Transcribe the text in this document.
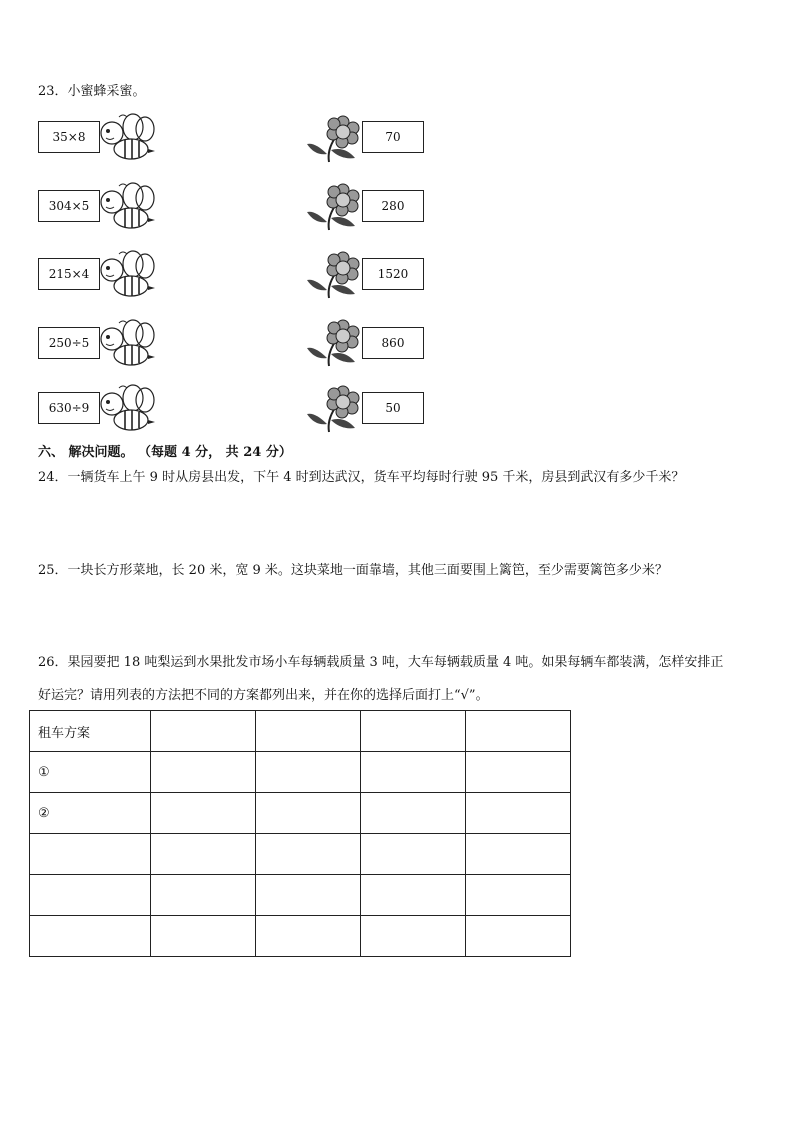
23．小蜜蜂采蜜。
35×8	70
304×5	280
215×4	1520
250÷5	860
630÷9	50
六、 解决问题。 （每题 4 分， 共 24 分）
24．一辆货车上午 9 时从房县出发，下午 4 时到达武汉，货车平均每时行驶 95 千米，房县到武汉有多少千米？
25．一块长方形菜地，长 20 米，宽 9 米。这块菜地一面靠墙，其他三面要围上篱笆，至少需要篱笆多少米？
26．果园要把 18 吨梨运到水果批发市场小车每辆载质量 3 吨，大车每辆载质量 4 吨。如果每辆车都装满，怎样安排正
好运完？请用列表的方法把不同的方案都列出来，并在你的选择后面打上“√”。
租车方案				
①				
②				
